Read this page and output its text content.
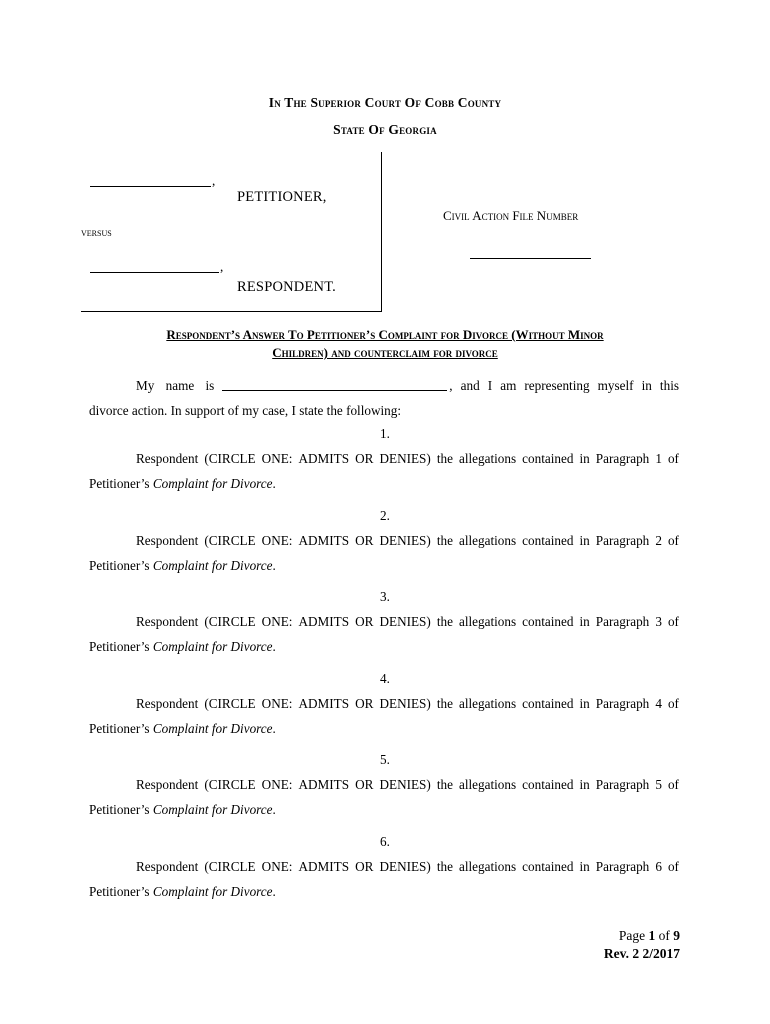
In The Superior Court Of Cobb County
State Of Georgia
,
PETITIONER,
versus
,
RESPONDENT.
Civil Action File Number
Respondent’s Answer To Petitioner’s Complaint for Divorce (Without Minor
Children) and counterclaim for divorce
My name is	, and I am representing myself in this
divorce action. In support of my case, I state the following:
1.
Respondent (CIRCLE ONE: ADMITS OR DENIES) the allegations contained in Paragraph 1 of
Petitioner’s Complaint for Divorce.
2.
Respondent (CIRCLE ONE: ADMITS OR DENIES) the allegations contained in Paragraph 2 of
Petitioner’s Complaint for Divorce.
3.
Respondent (CIRCLE ONE: ADMITS OR DENIES) the allegations contained in Paragraph 3 of
Petitioner’s Complaint for Divorce.
4.
Respondent (CIRCLE ONE: ADMITS OR DENIES) the allegations contained in Paragraph 4 of
Petitioner’s Complaint for Divorce.
5.
Respondent (CIRCLE ONE: ADMITS OR DENIES) the allegations contained in Paragraph 5 of
Petitioner’s Complaint for Divorce.
6.
Respondent (CIRCLE ONE: ADMITS OR DENIES) the allegations contained in Paragraph 6 of
Petitioner’s Complaint for Divorce.
Page 1 of 9
Rev. 2 2/2017
